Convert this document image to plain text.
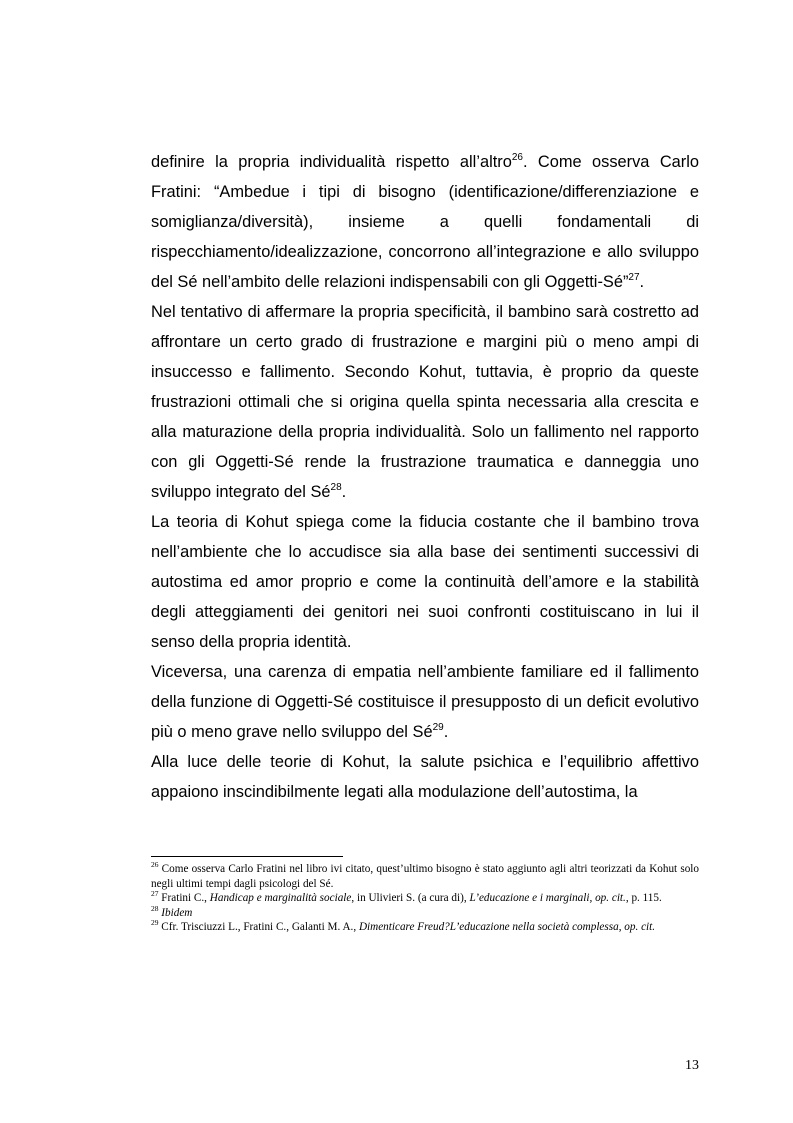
definire la propria individualità rispetto all’altro$^{26}$. Come osserva Carlo Fratini: “Ambedue i tipi di bisogno (identificazione/differenziazione e somiglianza/diversità), insieme a quelli fondamentali di rispecchiamento/idealizzazione, concorrono all’integrazione e allo sviluppo del Sé nell’ambito delle relazioni indispensabili con gli Oggetti-Sé”$^{27}$.

Nel tentativo di affermare la propria specificità, il bambino sarà costretto ad affrontare un certo grado di frustrazione e margini più o meno ampi di insuccesso e fallimento. Secondo Kohut, tuttavia, è proprio da queste frustrazioni ottimali che si origina quella spinta necessaria alla crescita e alla maturazione della propria individualità. Solo un fallimento nel rapporto con gli Oggetti-Sé rende la frustrazione traumatica e danneggia uno sviluppo integrato del $Sé^{28}$.

La teoria di Kohut spiega come la fiducia costante che il bambino trova nell’ambiente che lo accudisce sia alla base dei sentimenti successivi di autostima ed amor proprio e come la continuità dell’amore e la stabilità degli atteggiamenti dei genitori nei suoi confronti costituiscano in lui il senso della propria identità.

Viceversa, una carenza di empatia nell’ambiente familiare ed il fallimento della funzione di Oggetti-Sé costituisce il presupposto di un deficit evolutivo più o meno grave nello sviluppo del $Sé^{29}$.

Alla luce delle teorie di Kohut, la salute psichica e l’equilibrio affettivo appaiono inscindibilmente legati alla modulazione dell’autostima, la

$^{26}$ Come osserva Carlo Fratini nel libro ivi citato, quest’ultimo bisogno è stato aggiunto agli altri teorizzati da Kohut solo negli ultimi tempi dagli psicologi del Sé.

$^{27}$ Fratini C., Handicap e marginalità sociale, in Ulivieri S. (a cura di), L’educazione e i marginali, op. cit., p. 115.

$^{28}$ Ibidem

$^{29}$ Cfr. Trisciuzzi L., Fratini C., Galanti M. A., Dimenticare Freud?L’educazione nella società complessa, op. cit.

13
